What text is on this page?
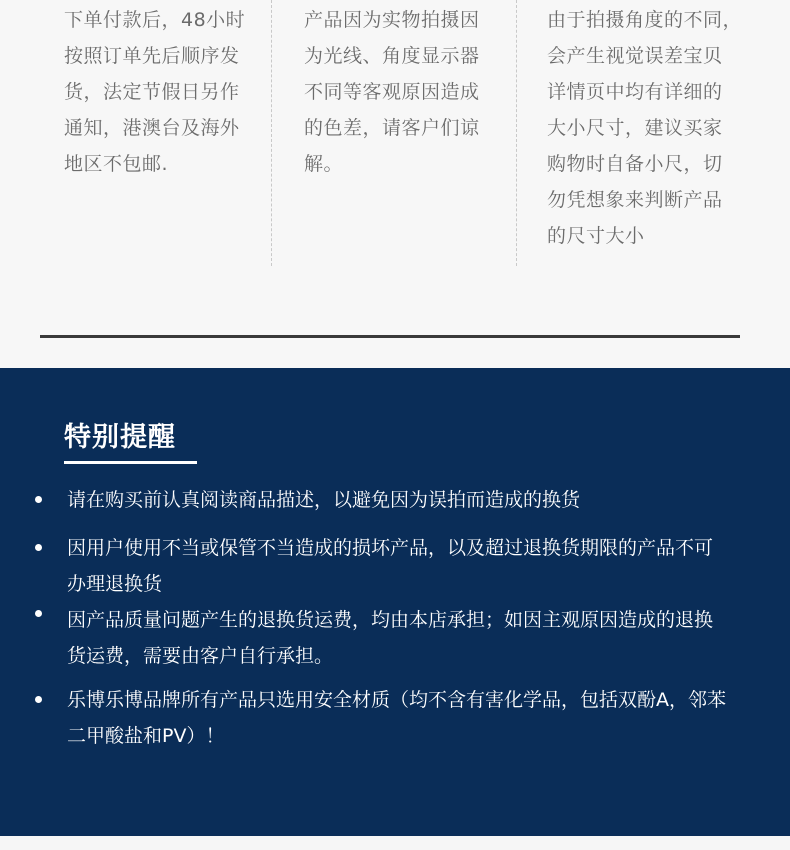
下单付款后，48小时

按照订单先后顺序发

货，法定节假日另作

通知，港澳台及海外

地区不包邮.

产品因为实物拍摄因

为光线、角度显示器

不同等客观原因造成

的色差，请客户们谅

解。

由于拍摄角度的不同，

会产生视觉误差宝贝

详情页中均有详细的

大小尺寸，建议买家

购物时自备小尺，切

勿凭想象来判断产品

的尺寸大小

特别提醒

请在购买前认真阅读商品描述，以避免因为误拍而造成的换货

因用户使用不当或保管不当造成的损坏产品，以及超过退换货期限的产品不可
办理退换货

因产品质量问题产生的退换货运费，均由本店承担；如因主观原因造成的退换
货运费，需要由客户自行承担。

乐博乐博品牌所有产品只选用安全材质（均不含有害化学品，包括双酚A，邻苯
二甲酸盐和PV）！
